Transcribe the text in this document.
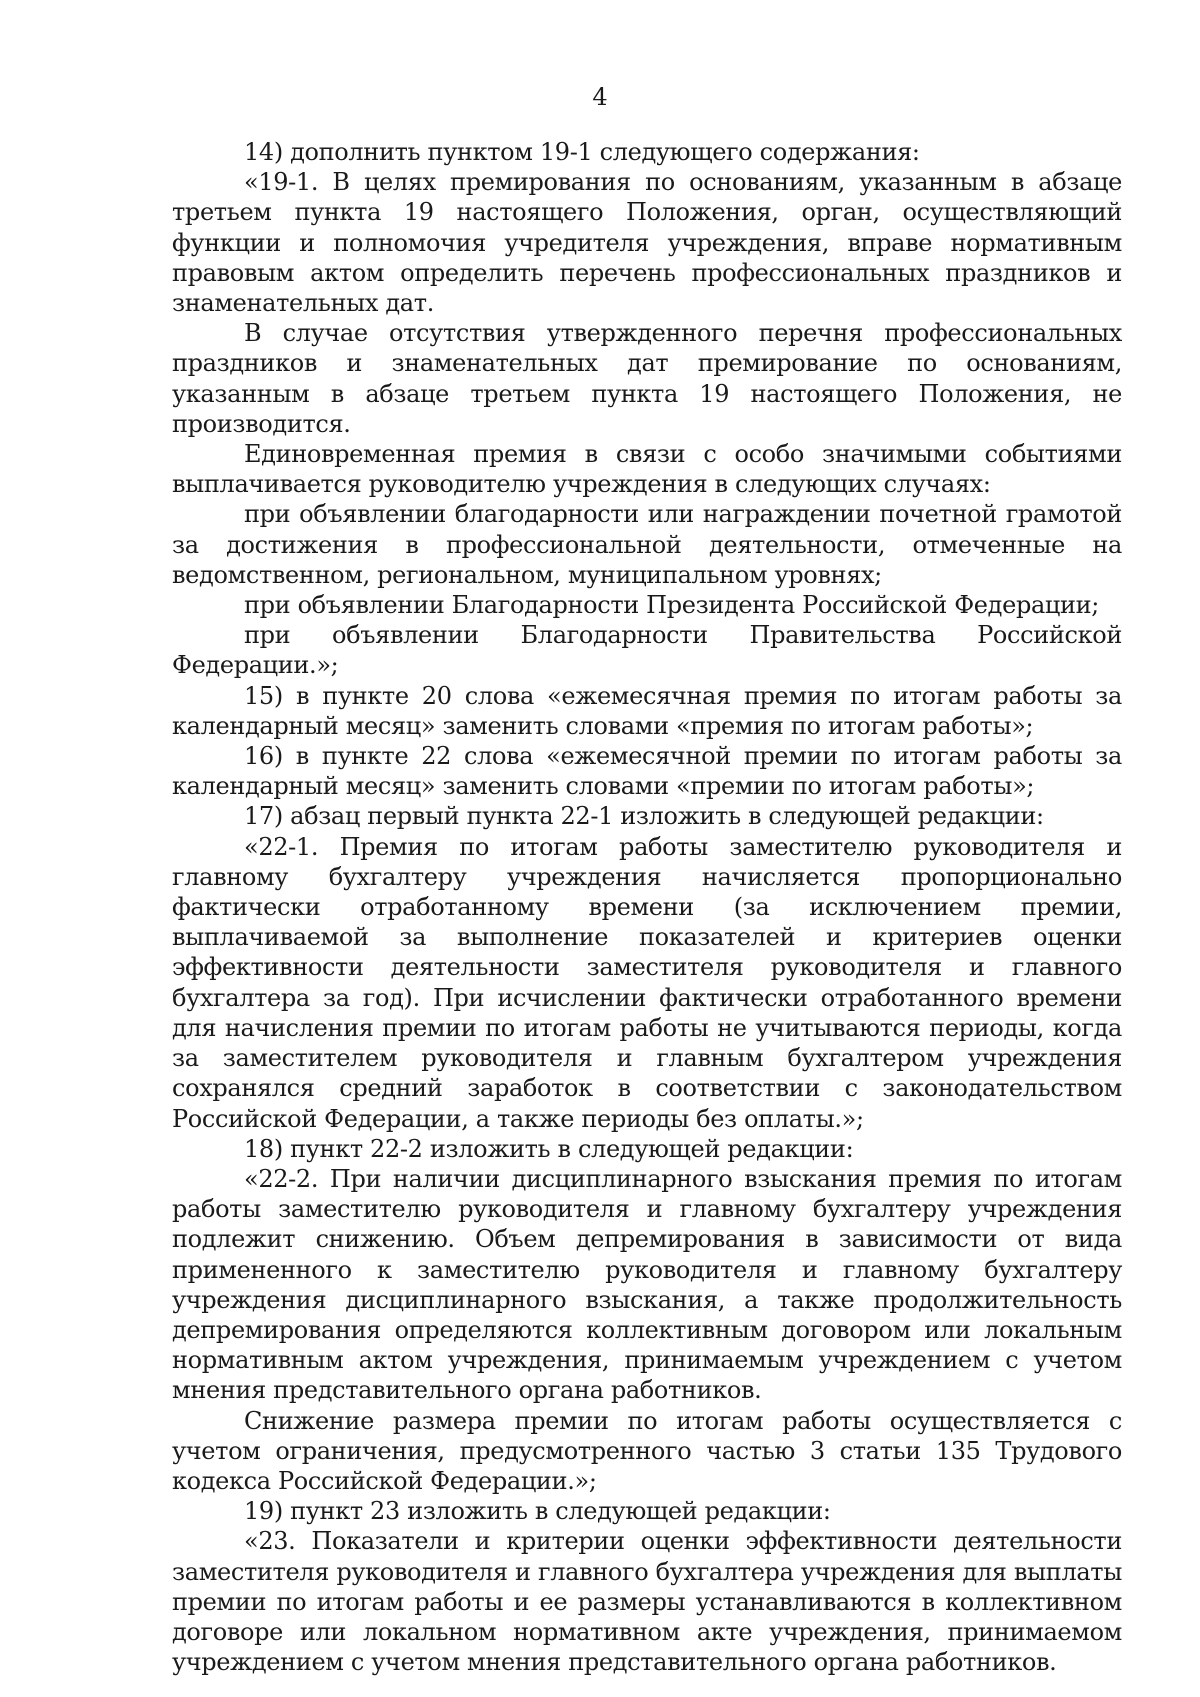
4

14) дополнить пунктом 19-1 следующего содержания:

«19-1. В целях премирования по основаниям, указанным в абзаце третьем пункта 19 настоящего Положения, орган, осуществляющий функции и полномочия учредителя учреждения, вправе нормативным правовым актом определить перечень профессиональных праздников и знаменательных дат.

В случае отсутствия утвержденного перечня профессиональных праздников и знаменательных дат премирование по основаниям, указанным в абзаце третьем пункта 19 настоящего Положения, не производится.

Единовременная премия в связи с особо значимыми событиями выплачивается руководителю учреждения в следующих случаях:

при объявлении благодарности или награждении почетной грамотой за достижения в профессиональной деятельности, отмеченные на ведомственном, региональном, муниципальном уровнях;

при объявлении Благодарности Президента Российской Федерации;

при объявлении Благодарности Правительства Российской Федерации.»;

15) в пункте 20 слова «ежемесячная премия по итогам работы за календарный месяц» заменить словами «премия по итогам работы»;

16) в пункте 22 слова «ежемесячной премии по итогам работы за календарный месяц» заменить словами «премии по итогам работы»;

17) абзац первый пункта 22-1 изложить в следующей редакции:

«22-1. Премия по итогам работы заместителю руководителя и главному бухгалтеру учреждения начисляется пропорционально фактически отработанному времени (за исключением премии, выплачиваемой за выполнение показателей и критериев оценки эффективности деятельности заместителя руководителя и главного бухгалтера за год). При исчислении фактически отработанного времени для начисления премии по итогам работы не учитываются периоды, когда за заместителем руководителя и главным бухгалтером учреждения сохранялся средний заработок в соответствии с законодательством Российской Федерации, а также периоды без оплаты.»;

18) пункт 22-2 изложить в следующей редакции:

«22-2. При наличии дисциплинарного взыскания премия по итогам работы заместителю руководителя и главному бухгалтеру учреждения подлежит снижению. Объем депремирования в зависимости от вида примененного к заместителю руководителя и главному бухгалтеру учреждения дисциплинарного взыскания, а также продолжительность депремирования определяются коллективным договором или локальным нормативным актом учреждения, принимаемым учреждением с учетом мнения представительного органа работников.

Снижение размера премии по итогам работы осуществляется с учетом ограничения, предусмотренного частью 3 статьи 135 Трудового кодекса Российской Федерации.»;

19) пункт 23 изложить в следующей редакции:

«23. Показатели и критерии оценки эффективности деятельности заместителя руководителя и главного бухгалтера учреждения для выплаты премии по итогам работы и ее размеры устанавливаются в коллективном договоре или локальном нормативном акте учреждения, принимаемом учреждением с учетом мнения представительного органа работников.
